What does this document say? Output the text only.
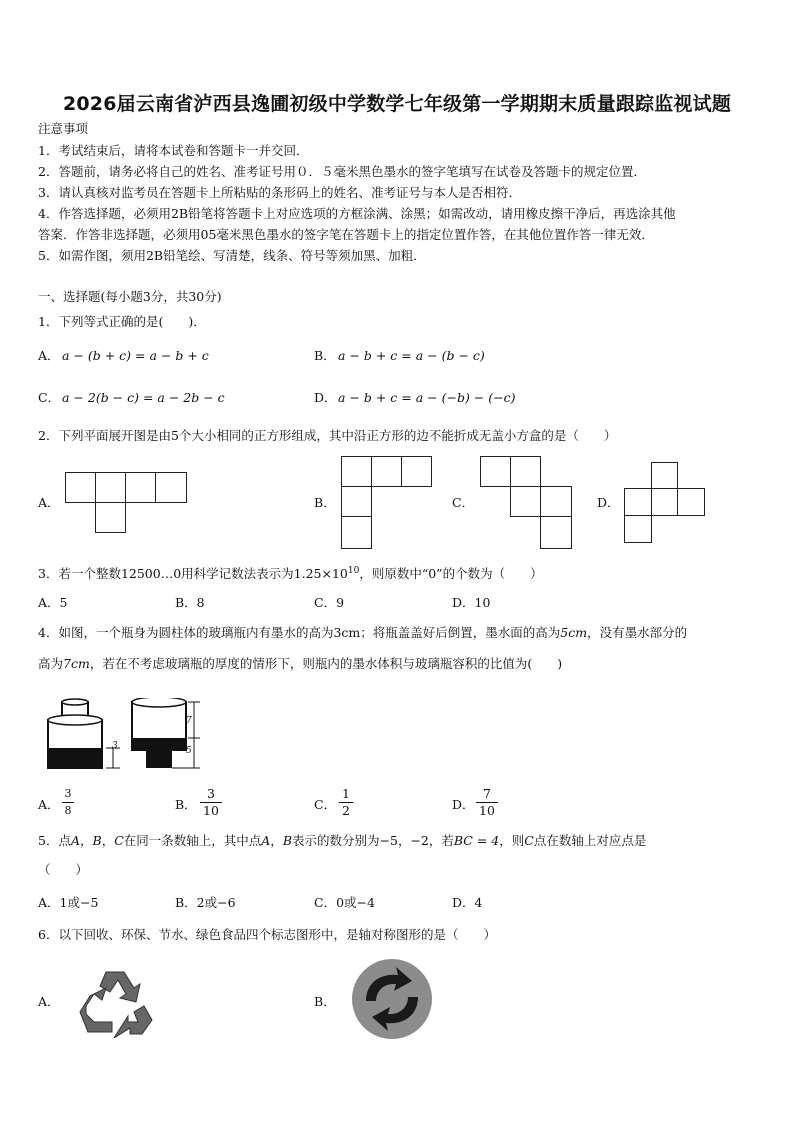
2026届云南省泸西县逸圃初级中学数学七年级第一学期期末质量跟踪监视试题
注意事项
1．考试结束后，请将本试卷和答题卡一并交回．
2．答题前，请务必将自己的姓名、准考证号用０．５毫米黑色墨水的签字笔填写在试卷及答题卡的规定位置．
3．请认真核对监考员在答题卡上所粘贴的条形码上的姓名、准考证号与本人是否相符．
4．作答选择题，必须用2B铅笔将答题卡上对应选项的方框涂满、涂黑；如需改动，请用橡皮擦干净后，再选涂其他
答案．作答非选择题，必须用05毫米黑色墨水的签字笔在答题卡上的指定位置作答，在其他位置作答一律无效．
5．如需作图，须用2B铅笔绘、写清楚，线条、符号等须加黑、加粗．
一、选择题(每小题3分，共30分)
1．下列等式正确的是(　　)．
A． a − (b + c) = a − b + c	B． a − b + c = a − (b − c)
C． a − 2(b − c) = a − 2b − c	D． a − b + c = a − (−b) − (−c)
2．下列平面展开图是由5个大小相同的正方形组成，其中沿正方形的边不能折成无盖小方盒的是（　　）
A．	B．	C．	D．
3．若一个整数12500…0用科学记数法表示为$1.25\times 10^{10}$，则原数中“0”的个数为（　　）
A．5	B．8	C．9	D．10
4．如图，一个瓶身为圆柱体的玻璃瓶内有墨水的高为3cm；将瓶盖盖好后倒置，墨水面的高为5cm，没有墨水部分的
高为7cm，若在不考虑玻璃瓶的厚度的情形下，则瓶内的墨水体积与玻璃瓶容积的比值为(　　)
3
7
5
A．
3
8	B．
3
10	C．
1
2	D．
7
10
5．点A，B，C在同一条数轴上，其中点A，B表示的数分别为−5，−2，若BC = 4，则C点在数轴上对应点是
（　　）
A．1或−5	B．2或−6	C．0或−4	D．4
6．以下回收、环保、节水、绿色食品四个标志图形中，是轴对称图形的是（　　）
A．	B．
